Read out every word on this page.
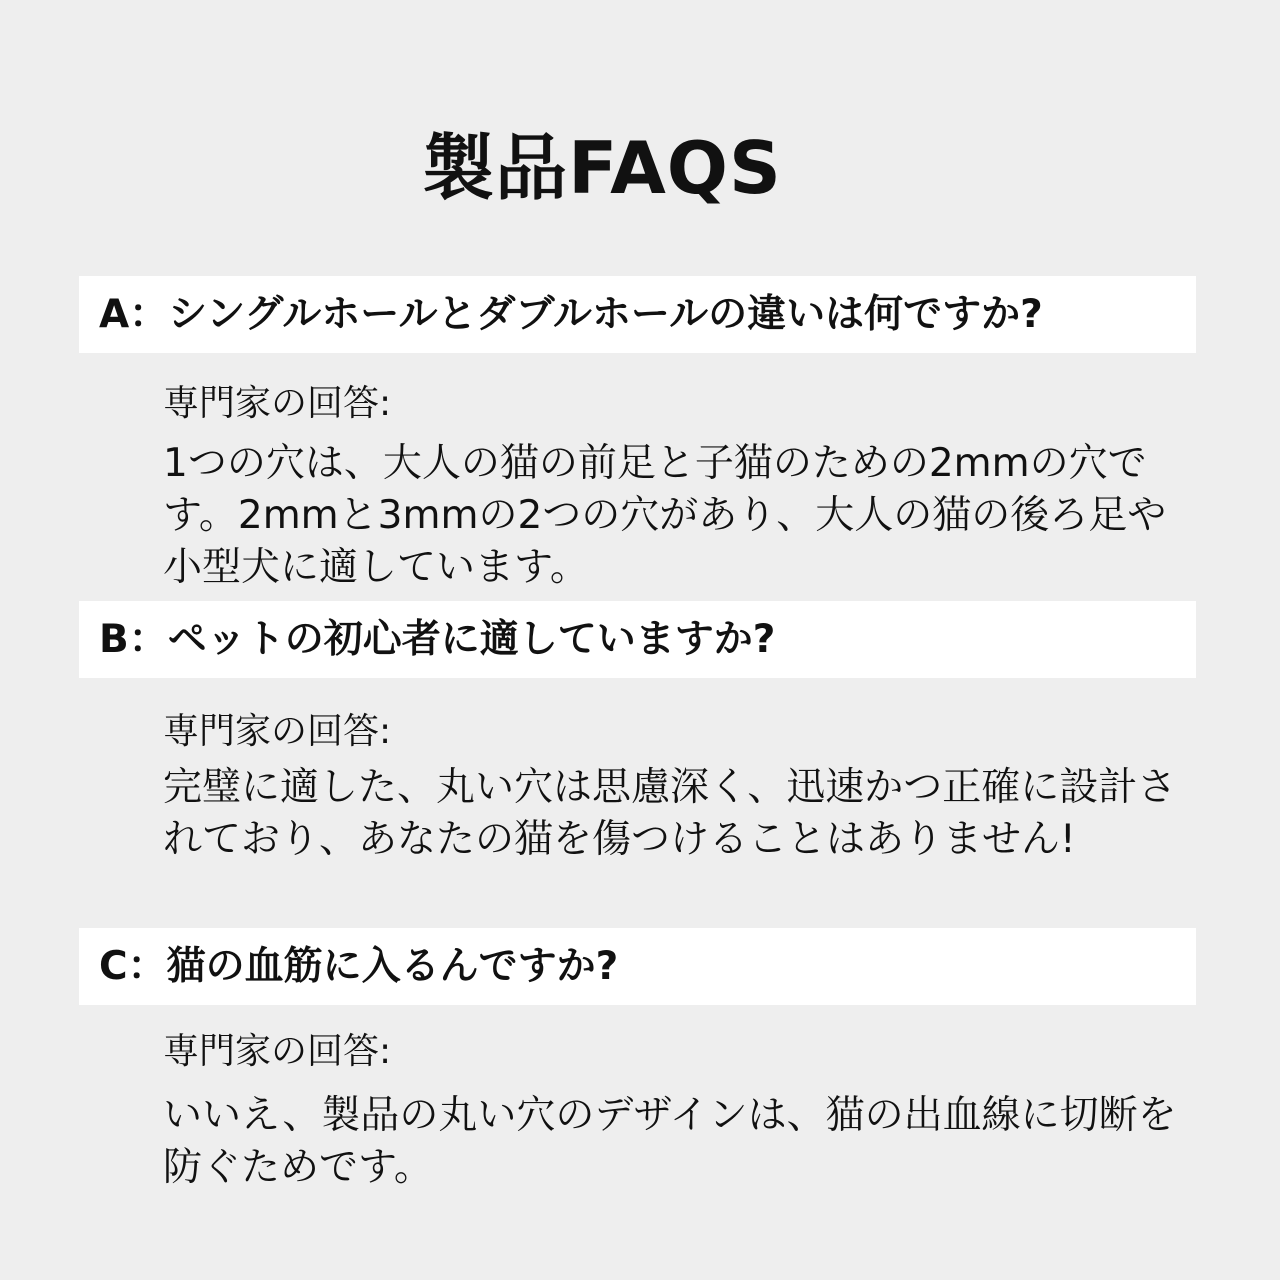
製品FAQS
A：シングルホールとダブルホールの違いは何ですか?
専門家の回答:
1つの穴は、大人の猫の前足と子猫のための2mmの穴です。2mmと3mmの2つの穴があり、大人の猫の後ろ足や小型犬に適しています。
B：ペットの初心者に適していますか?
専門家の回答:
完璧に適した、丸い穴は思慮深く、迅速かつ正確に設計されており、あなたの猫を傷つけることはありません!
C：猫の血筋に入るんですか?
専門家の回答:
いいえ、製品の丸い穴のデザインは、猫の出血線に切断を防ぐためです。
